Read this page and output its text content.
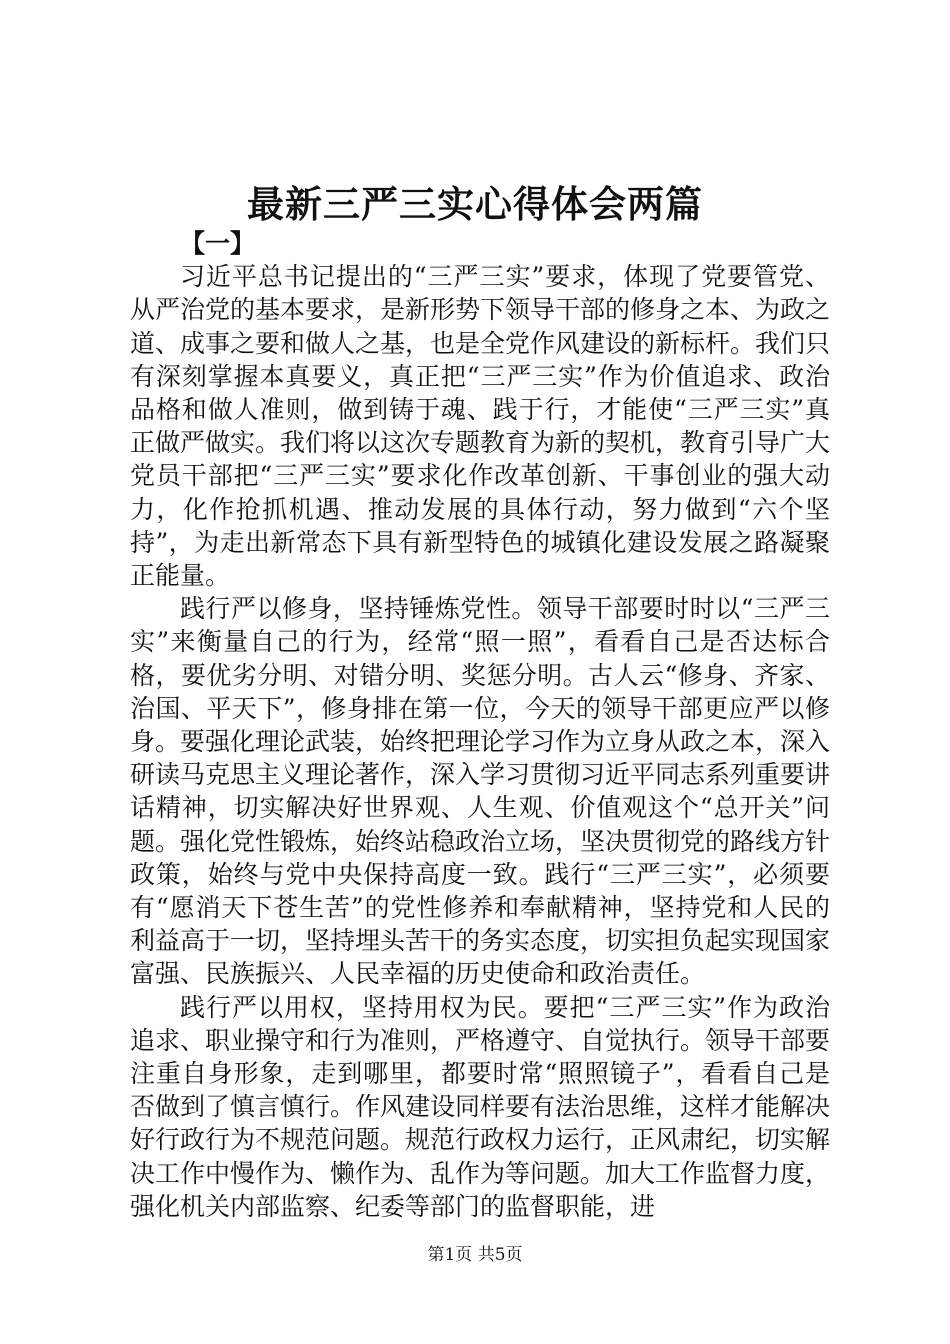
最新三严三实心得体会两篇

【一】

习近平总书记提出的“三严三实”要求，体现了党要管党、从严治党的基本要求，是新形势下领导干部的修身之本、为政之道、成事之要和做人之基，也是全党作风建设的新标杆。我们只有深刻掌握本真要义，真正把“三严三实”作为价值追求、政治品格和做人准则，做到铸于魂、践于行，才能使“三严三实”真正做严做实。我们将以这次专题教育为新的契机，教育引导广大党员干部把“三严三实”要求化作改革创新、干事创业的强大动力，化作抢抓机遇、推动发展的具体行动，努力做到“六个坚持”，为走出新常态下具有新型特色的城镇化建设发展之路凝聚正能量。

践行严以修身，坚持锤炼党性。领导干部要时时以“三严三实”来衡量自己的行为，经常“照一照”，看看自己是否达标合格，要优劣分明、对错分明、奖惩分明。古人云“修身、齐家、治国、平天下”，修身排在第一位，今天的领导干部更应严以修身。要强化理论武装，始终把理论学习作为立身从政之本，深入研读马克思主义理论著作，深入学习贯彻习近平同志系列重要讲话精神，切实解决好世界观、人生观、价值观这个“总开关”问题。强化党性锻炼，始终站稳政治立场，坚决贯彻党的路线方针政策，始终与党中央保持高度一致。践行“三严三实”，必须要有“愿消天下苍生苦”的党性修养和奉献精神，坚持党和人民的利益高于一切，坚持埋头苦干的务实态度，切实担负起实现国家富强、民族振兴、人民幸福的历史使命和政治责任。

践行严以用权，坚持用权为民。要把“三严三实”作为政治追求、职业操守和行为准则，严格遵守、自觉执行。领导干部要注重自身形象，走到哪里，都要时常“照照镜子”，看看自己是否做到了慎言慎行。作风建设同样要有法治思维，这样才能解决好行政行为不规范问题。规范行政权力运行，正风肃纪，切实解决工作中慢作为、懒作为、乱作为等问题。加大工作监督力度，强化机关内部监察、纪委等部门的监督职能，进

第1页 共5页
